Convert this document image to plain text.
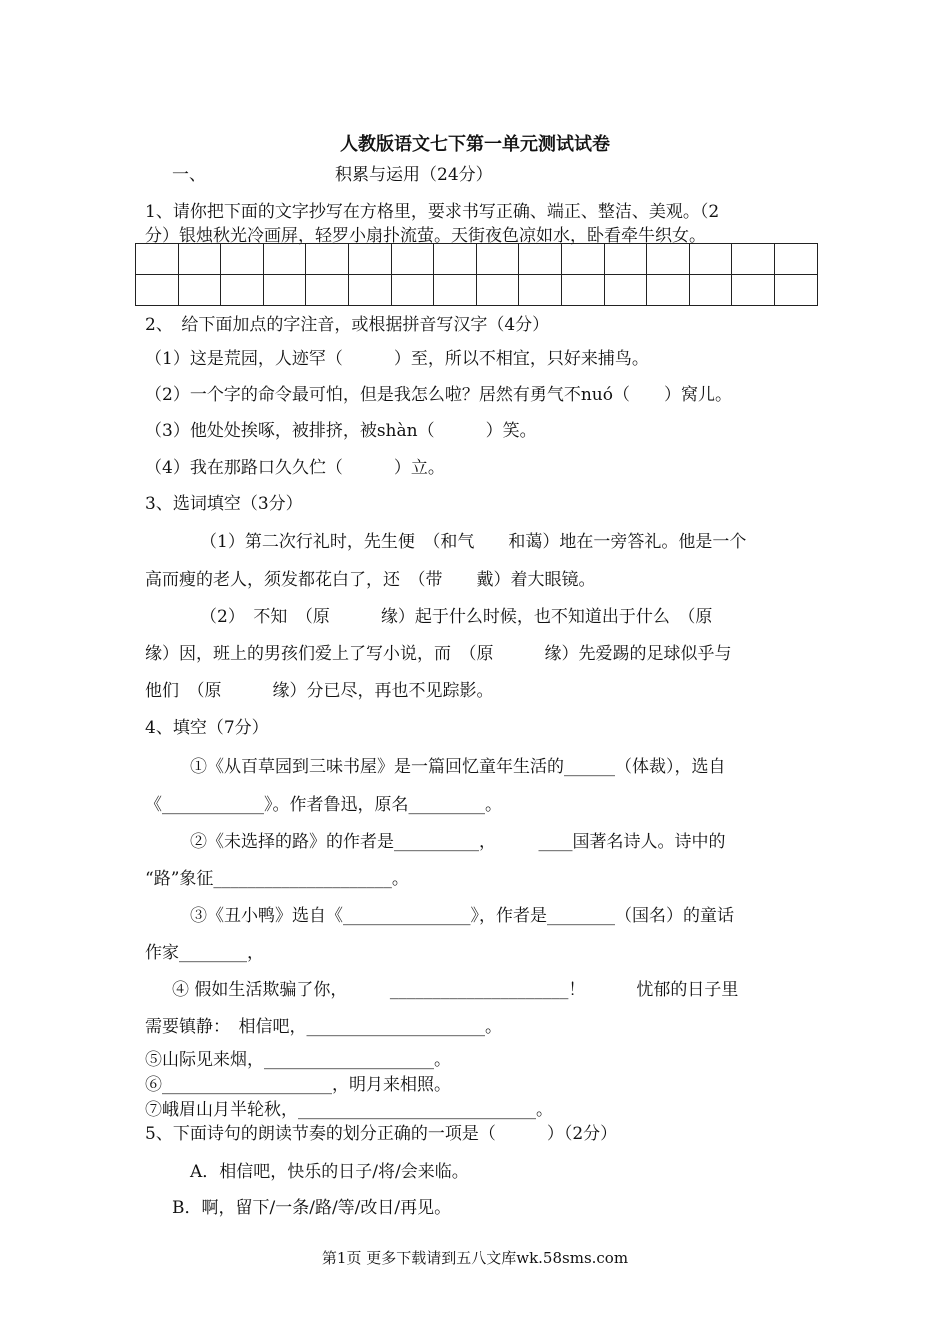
人教版语文七下第一单元测试试卷
一、	积累与运用（24分）
1、请你把下面的文字抄写在方格里，要求书写正确、端正、整洁、美观。（2
分）银烛秋光冷画屏，轻罗小扇扑流萤。天街夜色凉如水，卧看牵牛织女。

2、　给下面加点的字注音，或根据拼音写汉字（4分）
（1）这是荒园，人迹罕（　　　）至，所以不相宜，只好来捕鸟。
（2）一个字的命令最可怕，但是我怎么啦？居然有勇气不nuó（　　）窝儿。
（3）他处处挨啄，被排挤，被shàn（　　　）笑。
（4）我在那路口久久伫（　　　）立。
3、选词填空（3分）
（1）第二次行礼时，先生便　（和气　　和蔼）地在一旁答礼。他是一个
高而瘦的老人，须发都花白了，还　（带　　戴）着大眼镜。
（2）　不知　（原　　　缘）起于什么时候，也不知道出于什么　（原
缘）因，班上的男孩们爱上了写小说，而　（原　　　缘）先爱踢的足球似乎与
他们　（原　　　缘）分已尽，再也不见踪影。
4、填空（7分）
①《从百草园到三味书屋》是一篇回忆童年生活的______（体裁），选自
《____________》。作者鲁迅，原名_________。
②《未选择的路》的作者是__________，　　　____国著名诗人。诗中的
“路”象征_____________________。
③《丑小鸭》选自《_______________》，作者是________（国名）的童话
作家________，
④ 假如生活欺骗了你，　　　_____________________！　　　忧郁的日子里
需要镇静：　相信吧，_____________________。
⑤山际见来烟，____________________。
⑥____________________，明月来相照。
⑦峨眉山月半轮秋，____________________________。
5、下面诗句的朗读节奏的划分正确的一项是（　　　）（2分）
A．相信吧，快乐的日子/将/会来临。
B．啊，留下/一条/路/等/改日/再见。
第1页 更多下载请到五八文库wk.58sms.com
